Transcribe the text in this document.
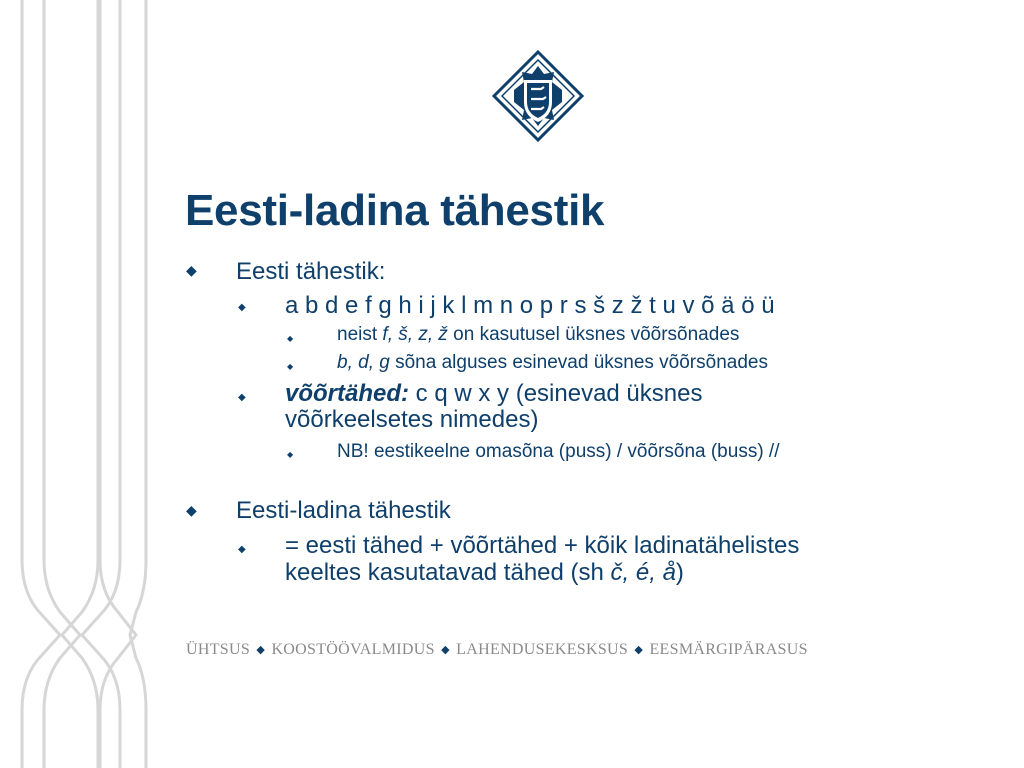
Eesti-ladina tähestik
◆ Eesti tähestik:
◆ a b d e f g h i j k l m n o p r s š z ž t u v õ ä ö ü
◆ neist f, š, z, ž on kasutusel üksnes võõrsõnades
◆ b, d, g sõna alguses esinevad üksnes võõrsõnades
◆ võõrtähed: c q w x y (esinevad üksnes
võõrkeelsetes nimedes)
◆ NB! eestikeelne omasõna (puss) / võõrsõna (buss) //
◆ Eesti-ladina tähestik
◆ = eesti tähed + võõrtähed + kõik ladinatähelistes
keeltes kasutatavad tähed (sh č, é, å)
ÜHTSUS ◆ KOOSTÖÖVALMIDUS ◆ LAHENDUSEKESKSUS ◆ EESMÄRGIPÄRASUS
